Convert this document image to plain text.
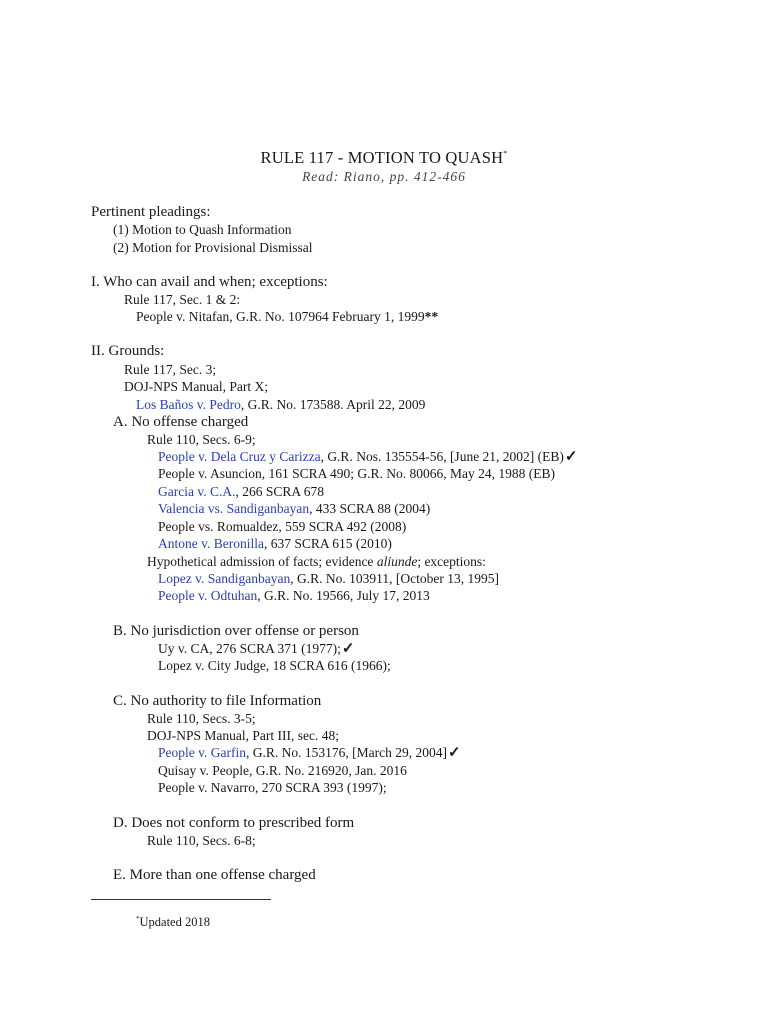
RULE 117 - MOTION TO QUASH*
Read: Riano, pp. 412-466
Pertinent pleadings:
(1) Motion to Quash Information
(2) Motion for Provisional Dismissal
I. Who can avail and when; exceptions:
Rule 117, Sec. 1 & 2:
People v. Nitafan, G.R. No. 107964 February 1, 1999**
II. Grounds:
Rule 117, Sec. 3;
DOJ-NPS Manual, Part X;
Los Baños v. Pedro, G.R. No. 173588. April 22, 2009
A. No offense charged
Rule 110, Secs. 6-9;
People v. Dela Cruz y Carizza, G.R. Nos. 135554-56, [June 21, 2002] (EB)✓
People v. Asuncion, 161 SCRA 490; G.R. No. 80066, May 24, 1988 (EB)
Garcia v. C.A., 266 SCRA 678
Valencia vs. Sandiganbayan, 433 SCRA 88 (2004)
People vs. Romualdez, 559 SCRA 492 (2008)
Antone v. Beronilla, 637 SCRA 615 (2010)
Hypothetical admission of facts; evidence aliunde; exceptions:
Lopez v. Sandiganbayan, G.R. No. 103911, [October 13, 1995]
People v. Odtuhan, G.R. No. 19566, July 17, 2013
B. No jurisdiction over offense or person
Uy v. CA, 276 SCRA 371 (1977);✓
Lopez v. City Judge, 18 SCRA 616 (1966);
C. No authority to file Information
Rule 110, Secs. 3-5;
DOJ-NPS Manual, Part III, sec. 48;
People v. Garfin, G.R. No. 153176, [March 29, 2004]✓
Quisay v. People, G.R. No. 216920, Jan. 2016
People v. Navarro, 270 SCRA 393 (1997);
D. Does not conform to prescribed form
Rule 110, Secs. 6-8;
E. More than one offense charged
*Updated 2018
